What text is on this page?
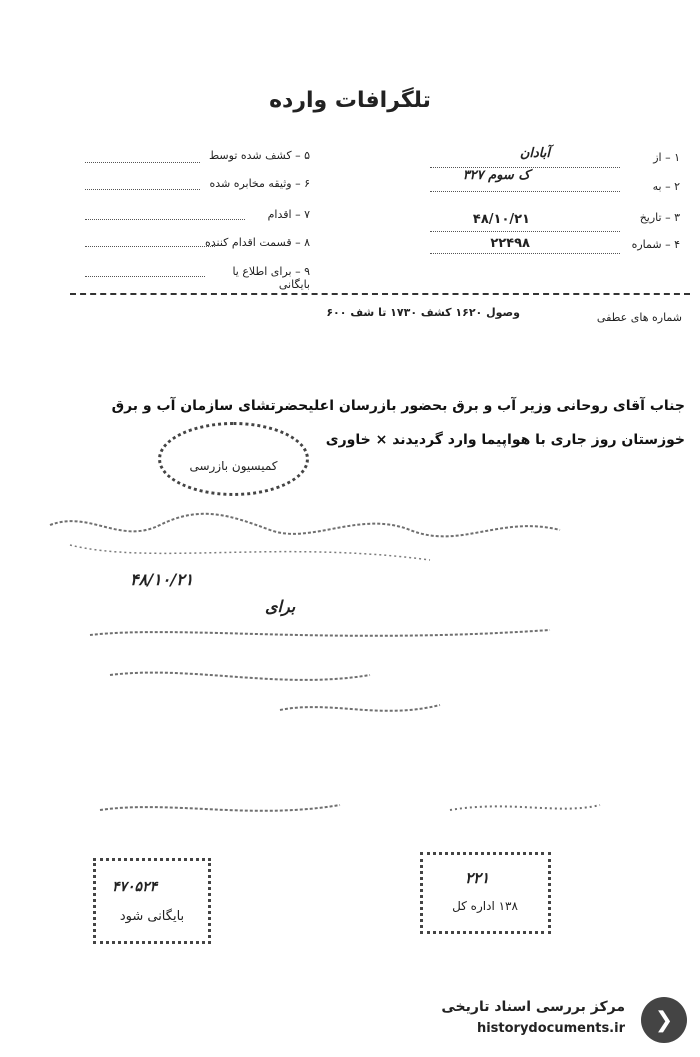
تلگرافات وارده
۱ – از
آبادان
۲ – به
ک سوم ۳۲۷
۳ – تاریخ
۴۸/۱۰/۲۱
۴ – شماره
۲۲۴۹۸
۵ – کشف شده توسط
۶ – وثیقه مخابره شده
۷ – اقدام
۸ – قسمت اقدام کننده
۹ – برای اطلاع یا بایگانی
شماره های عطفی
وصول ۱۶۲۰ کشف ۱۷۳۰ تا شف ۶۰۰
جناب آقای روحانی وزیر آب و برق بحضور بازرسان اعلیحضرتشای سازمان آب و برق
خوزستان روز جاری با هواپیما وارد گردیدند × خاوری
کمیسیون بازرسی
۴۸/۱۰/۲۱
برای
۴۷۰۵۲۴
بایگانی شود
۲۲۱
۱۳۸ اداره کل
مرکز بررسی اسناد تاریخی
historydocuments.ir	❯
